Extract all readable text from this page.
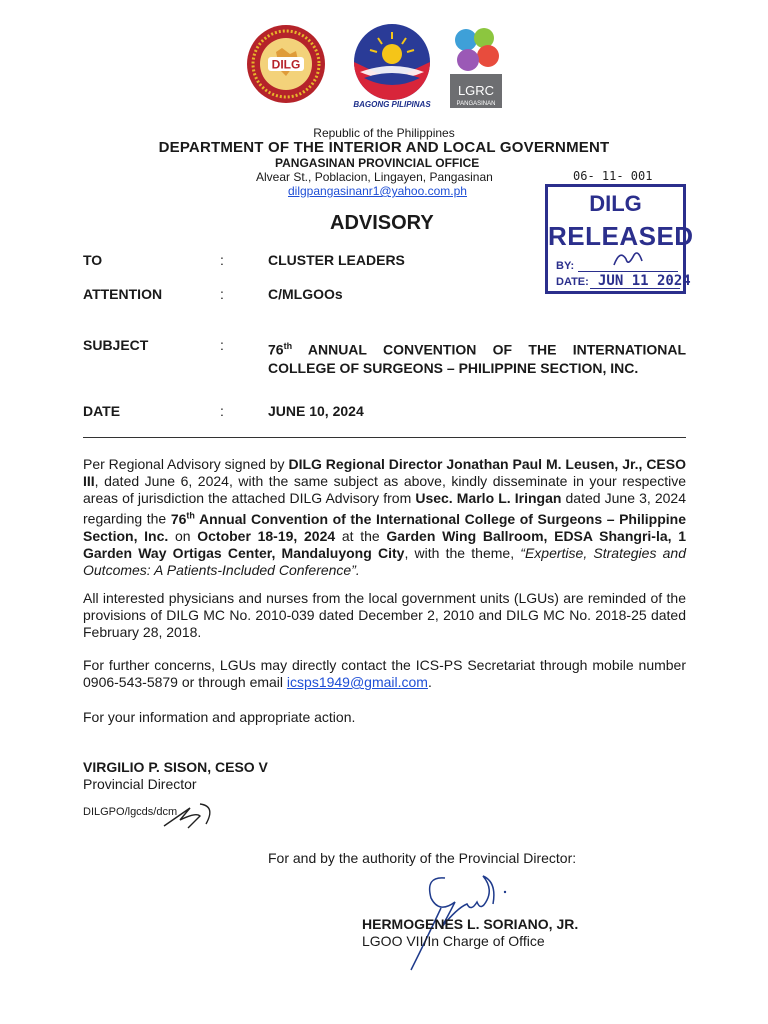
DILG
BAGONG PILIPINAS
LGRC
PANGASINAN
Republic of the Philippines
DEPARTMENT OF THE INTERIOR AND LOCAL GOVERNMENT
PANGASINAN PROVINCIAL OFFICE
Alvear St., Poblacion, Lingayen, Pangasinan
dilgpangasinanr1@yahoo.com.ph
06- 11- 001
DILG
RELEASED
BY:
DATE: JUN 11 2024
ADVISORY
TO	:	CLUSTER LEADERS
ATTENTION	:	C/MLGOOs
SUBJECT	:	76th ANNUAL CONVENTION OF THE INTERNATIONAL COLLEGE OF SURGEONS – PHILIPPINE SECTION, INC.
DATE	:	JUNE 10, 2024
Per Regional Advisory signed by DILG Regional Director Jonathan Paul M. Leusen, Jr., CESO III, dated June 6, 2024, with the same subject as above, kindly disseminate in your respective areas of jurisdiction the attached DILG Advisory from Usec. Marlo L. Iringan dated June 3, 2024 regarding the 76th Annual Convention of the International College of Surgeons – Philippine Section, Inc. on October 18-19, 2024 at the Garden Wing Ballroom, EDSA Shangri-la, 1 Garden Way Ortigas Center, Mandaluyong City, with the theme, “Expertise, Strategies and Outcomes: A Patients-Included Conference”.
All interested physicians and nurses from the local government units (LGUs) are reminded of the provisions of DILG MC No. 2010-039 dated December 2, 2010 and DILG MC No. 2018-25 dated February 28, 2018.
For further concerns, LGUs may directly contact the ICS-PS Secretariat through mobile number 0906-543-5879 or through email icsps1949@gmail.com.
For your information and appropriate action.
VIRGILIO P. SISON, CESO V
Provincial Director
DILGPO/lgcds/dcm
For and by the authority of the Provincial Director:
HERMOGENES L. SORIANO, JR.
LGOO VII/In Charge of Office
